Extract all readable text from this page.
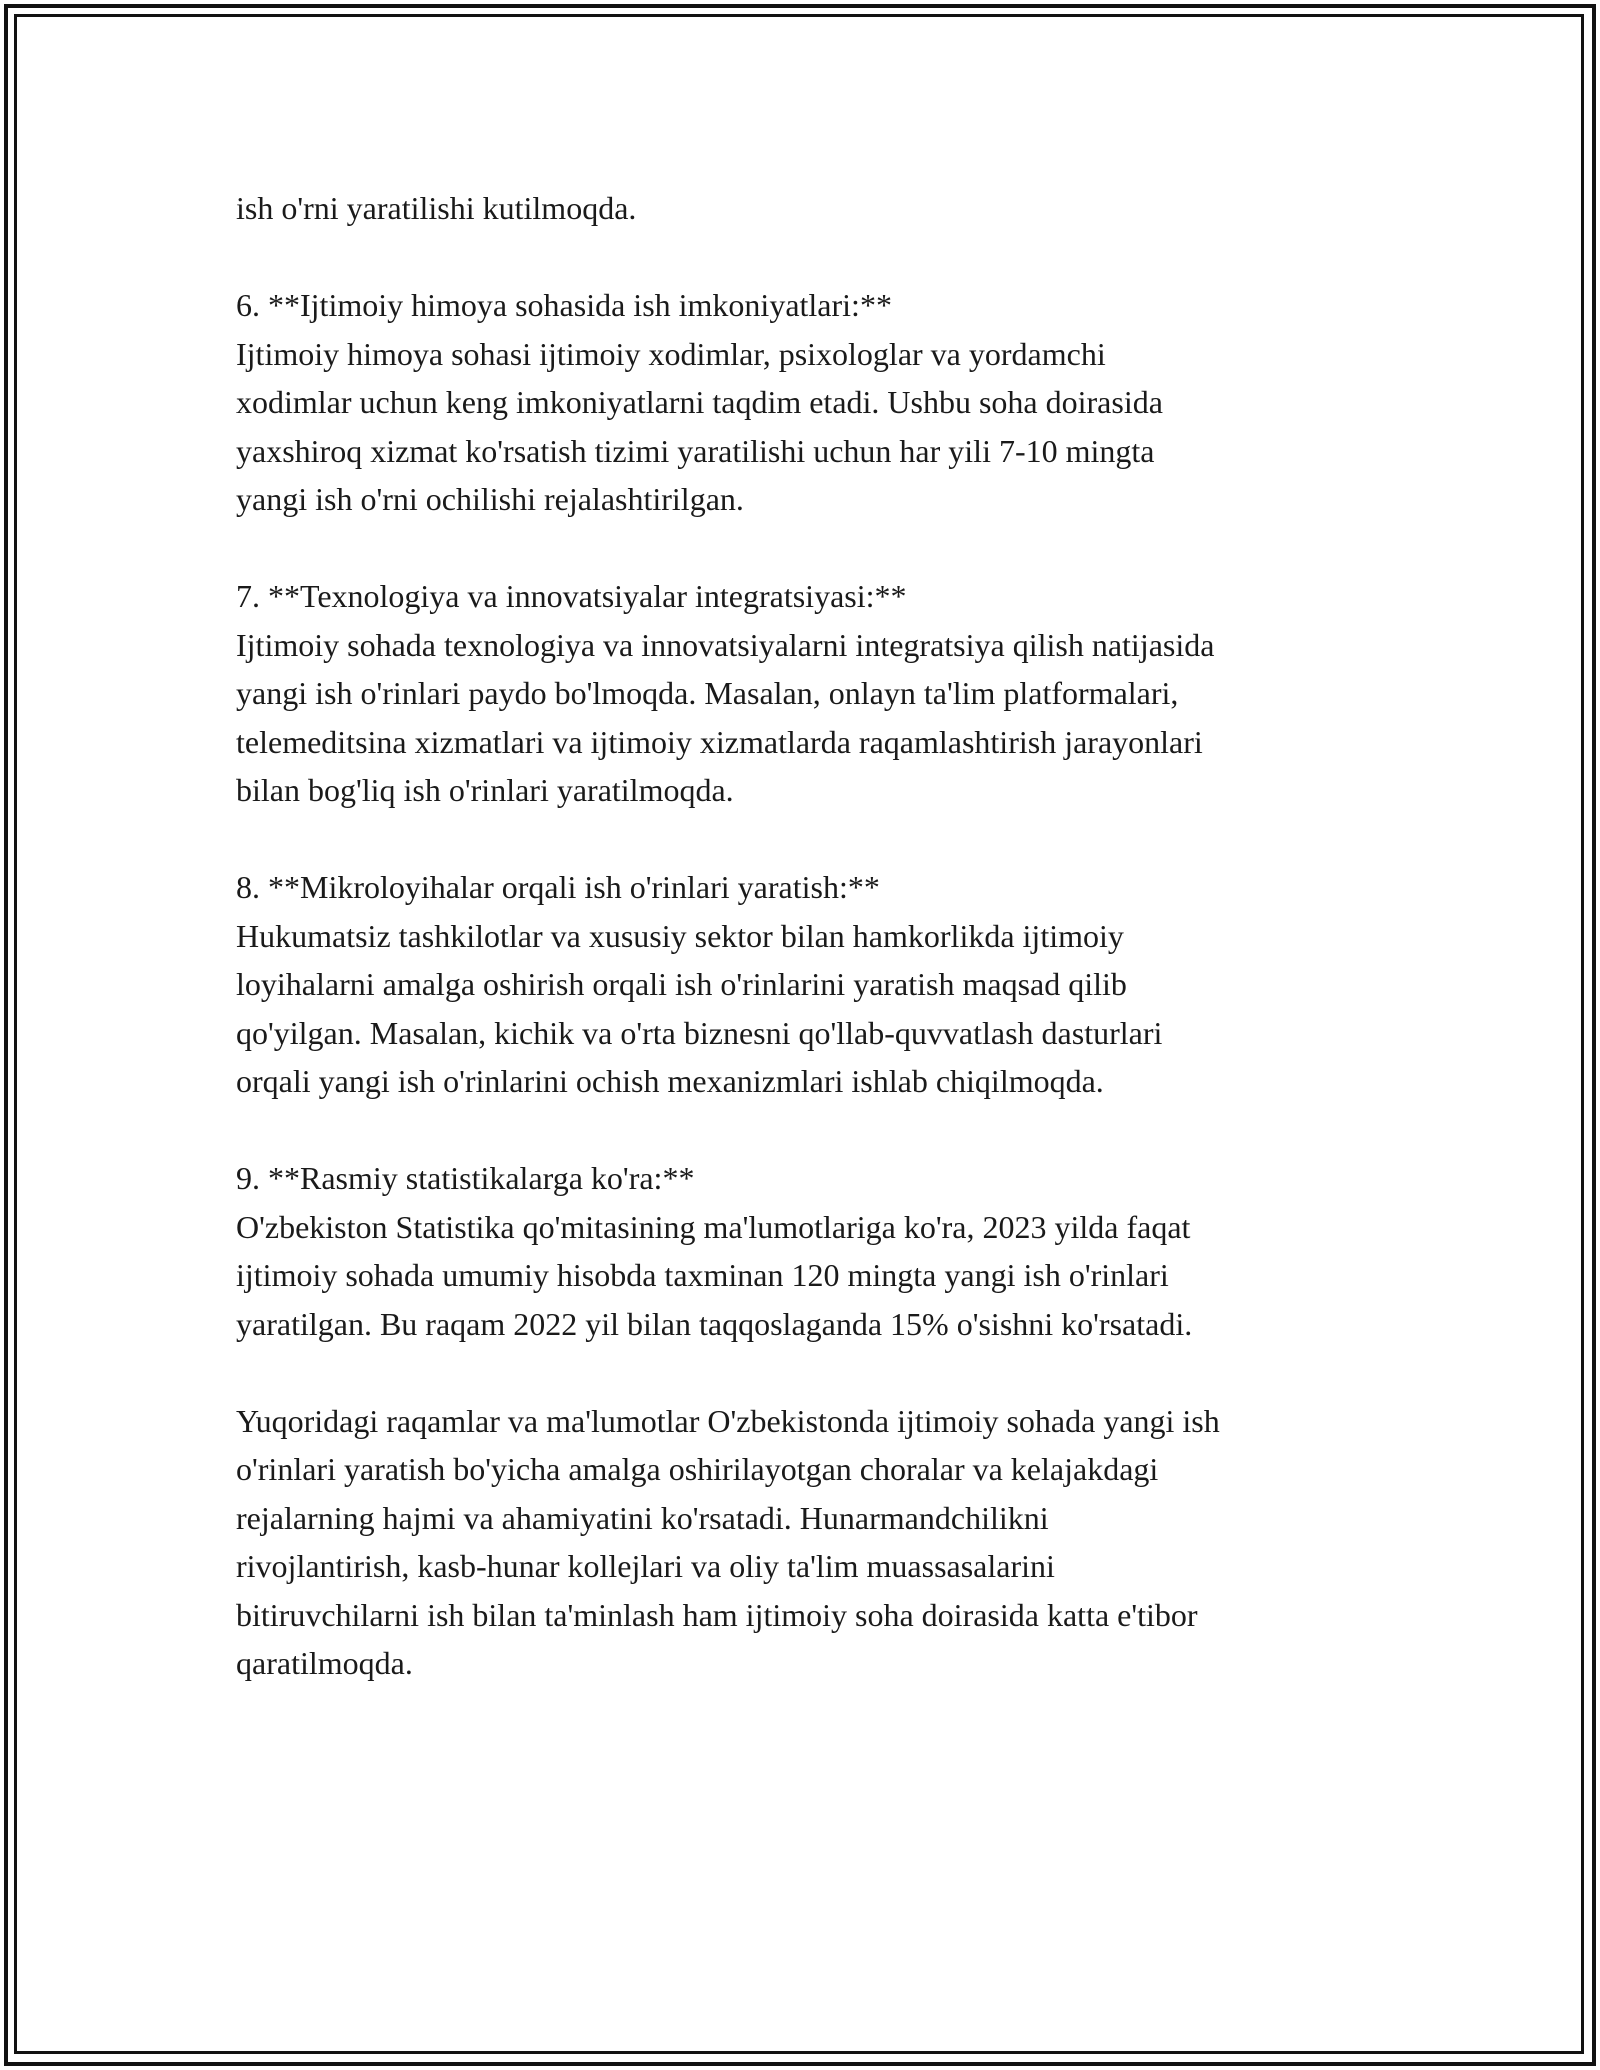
ish o'rni yaratilishi kutilmoqda.
6. **Ijtimoiy himoya sohasida ish imkoniyatlari:**
Ijtimoiy himoya sohasi ijtimoiy xodimlar, psixologlar va yordamchi
xodimlar uchun keng imkoniyatlarni taqdim etadi. Ushbu soha doirasida
yaxshiroq xizmat ko'rsatish tizimi yaratilishi uchun har yili 7-10 mingta
yangi ish o'rni ochilishi rejalashtirilgan.
7. **Texnologiya va innovatsiyalar integratsiyasi:**
Ijtimoiy sohada texnologiya va innovatsiyalarni integratsiya qilish natijasida
yangi ish o'rinlari paydo bo'lmoqda. Masalan, onlayn ta'lim platformalari,
telemeditsina xizmatlari va ijtimoiy xizmatlarda raqamlashtirish jarayonlari
bilan bog'liq ish o'rinlari yaratilmoqda.
8. **Mikroloyihalar orqali ish o'rinlari yaratish:**
Hukumatsiz tashkilotlar va xususiy sektor bilan hamkorlikda ijtimoiy
loyihalarni amalga oshirish orqali ish o'rinlarini yaratish maqsad qilib
qo'yilgan. Masalan, kichik va o'rta biznesni qo'llab-quvvatlash dasturlari
orqali yangi ish o'rinlarini ochish mexanizmlari ishlab chiqilmoqda.
9. **Rasmiy statistikalarga ko'ra:**
O'zbekiston Statistika qo'mitasining ma'lumotlariga ko'ra, 2023 yilda faqat
ijtimoiy sohada umumiy hisobda taxminan 120 mingta yangi ish o'rinlari
yaratilgan. Bu raqam 2022 yil bilan taqqoslaganda 15% o'sishni ko'rsatadi.
Yuqoridagi raqamlar va ma'lumotlar O'zbekistonda ijtimoiy sohada yangi ish
o'rinlari yaratish bo'yicha amalga oshirilayotgan choralar va kelajakdagi
rejalarning hajmi va ahamiyatini ko'rsatadi. Hunarmandchilikni
rivojlantirish, kasb-hunar kollejlari va oliy ta'lim muassasalarini
bitiruvchilarni ish bilan ta'minlash ham ijtimoiy soha doirasida katta e'tibor
qaratilmoqda.
